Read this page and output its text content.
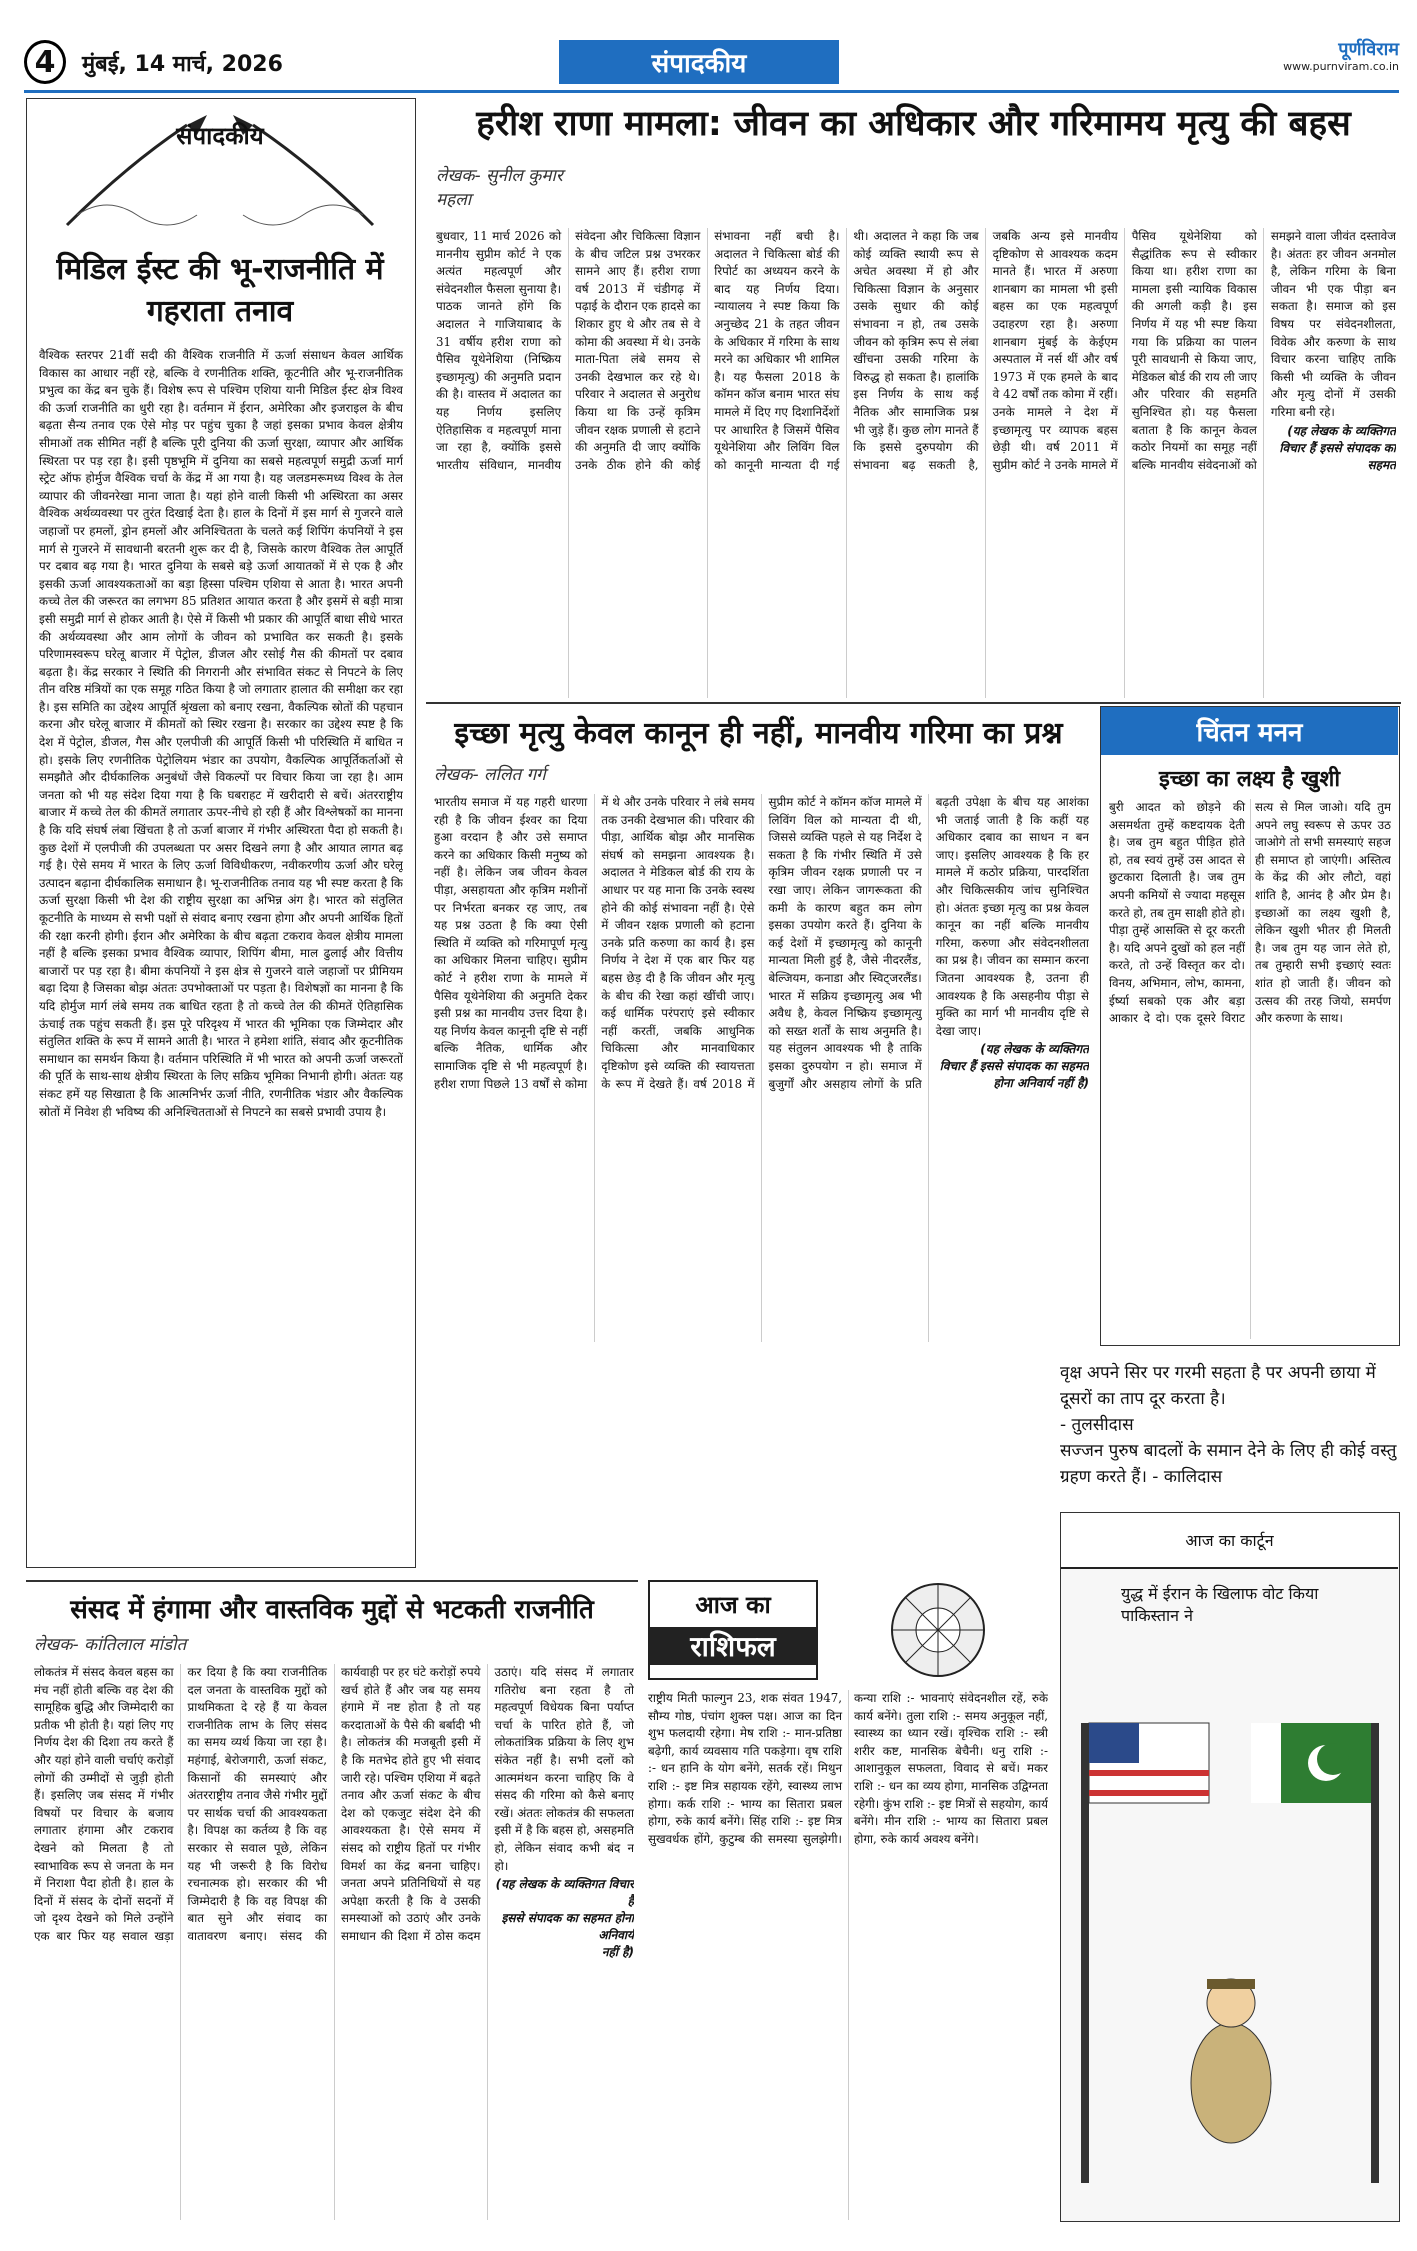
4	मुंबई, 14 मार्च, 2026	संपादकीय	पूर्णविराम
www.purnviram.co.in
संपादकीय
मिडिल ईस्ट की भू-राजनीति में गहराता तनाव
वैश्विक स्तरपर 21वीं सदी की वैश्विक राजनीति में ऊर्जा संसाधन केवल आर्थिक विकास का आधार नहीं रहे, बल्कि वे रणनीतिक शक्ति, कूटनीति और भू-राजनीतिक प्रभुत्व का केंद्र बन चुके हैं। विशेष रूप से पश्चिम एशिया यानी मिडिल ईस्ट क्षेत्र विश्व की ऊर्जा राजनीति का धुरी रहा है। वर्तमान में ईरान, अमेरिका और इजराइल के बीच बढ़ता सैन्य तनाव एक ऐसे मोड़ पर पहुंच चुका है जहां इसका प्रभाव केवल क्षेत्रीय सीमाओं तक सीमित नहीं है बल्कि पूरी दुनिया की ऊर्जा सुरक्षा, व्यापार और आर्थिक स्थिरता पर पड़ रहा है। इसी पृष्ठभूमि में दुनिया का सबसे महत्वपूर्ण समुद्री ऊर्जा मार्ग स्ट्रेट ऑफ होर्मुज वैश्विक चर्चा के केंद्र में आ गया है। यह जलडमरूमध्य विश्व के तेल व्यापार की जीवनरेखा माना जाता है। यहां होने वाली किसी भी अस्थिरता का असर वैश्विक अर्थव्यवस्था पर तुरंत दिखाई देता है। हाल के दिनों में इस मार्ग से गुजरने वाले जहाजों पर हमलों, ड्रोन हमलों और अनिश्चितता के चलते कई शिपिंग कंपनियों ने इस मार्ग से गुजरने में सावधानी बरतनी शुरू कर दी है, जिसके कारण वैश्विक तेल आपूर्ति पर दबाव बढ़ गया है। भारत दुनिया के सबसे बड़े ऊर्जा आयातकों में से एक है और इसकी ऊर्जा आवश्यकताओं का बड़ा हिस्सा पश्चिम एशिया से आता है। भारत अपनी कच्चे तेल की जरूरत का लगभग 85 प्रतिशत आयात करता है और इसमें से बड़ी मात्रा इसी समुद्री मार्ग से होकर आती है। ऐसे में किसी भी प्रकार की आपूर्ति बाधा सीधे भारत की अर्थव्यवस्था और आम लोगों के जीवन को प्रभावित कर सकती है। इसके परिणामस्वरूप घरेलू बाजार में पेट्रोल, डीजल और रसोई गैस की कीमतों पर दबाव बढ़ता है। केंद्र सरकार ने स्थिति की निगरानी और संभावित संकट से निपटने के लिए तीन वरिष्ठ मंत्रियों का एक समूह गठित किया है जो लगातार हालात की समीक्षा कर रहा है। इस समिति का उद्देश्य आपूर्ति श्रृंखला को बनाए रखना, वैकल्पिक स्रोतों की पहचान करना और घरेलू बाजार में कीमतों को स्थिर रखना है। सरकार का उद्देश्य स्पष्ट है कि देश में पेट्रोल, डीजल, गैस और एलपीजी की आपूर्ति किसी भी परिस्थिति में बाधित न हो। इसके लिए रणनीतिक पेट्रोलियम भंडार का उपयोग, वैकल्पिक आपूर्तिकर्ताओं से समझौते और दीर्घकालिक अनुबंधों जैसे विकल्पों पर विचार किया जा रहा है। आम जनता को भी यह संदेश दिया गया है कि घबराहट में खरीदारी से बचें। अंतरराष्ट्रीय बाजार में कच्चे तेल की कीमतें लगातार ऊपर-नीचे हो रही हैं और विश्लेषकों का मानना है कि यदि संघर्ष लंबा खिंचता है तो ऊर्जा बाजार में गंभीर अस्थिरता पैदा हो सकती है। कुछ देशों में एलपीजी की उपलब्धता पर असर दिखने लगा है और आयात लागत बढ़ गई है। ऐसे समय में भारत के लिए ऊर्जा विविधीकरण, नवीकरणीय ऊर्जा और घरेलू उत्पादन बढ़ाना दीर्घकालिक समाधान है। भू-राजनीतिक तनाव यह भी स्पष्ट करता है कि ऊर्जा सुरक्षा किसी भी देश की राष्ट्रीय सुरक्षा का अभिन्न अंग है। भारत को संतुलित कूटनीति के माध्यम से सभी पक्षों से संवाद बनाए रखना होगा और अपनी आर्थिक हितों की रक्षा करनी होगी। ईरान और अमेरिका के बीच बढ़ता टकराव केवल क्षेत्रीय मामला नहीं है बल्कि इसका प्रभाव वैश्विक व्यापार, शिपिंग बीमा, माल ढुलाई और वित्तीय बाजारों पर पड़ रहा है। बीमा कंपनियों ने इस क्षेत्र से गुजरने वाले जहाजों पर प्रीमियम बढ़ा दिया है जिसका बोझ अंततः उपभोक्ताओं पर पड़ता है। विशेषज्ञों का मानना है कि यदि होर्मुज मार्ग लंबे समय तक बाधित रहता है तो कच्चे तेल की कीमतें ऐतिहासिक ऊंचाई तक पहुंच सकती हैं। इस पूरे परिदृश्य में भारत की भूमिका एक जिम्मेदार और संतुलित शक्ति के रूप में सामने आती है। भारत ने हमेशा शांति, संवाद और कूटनीतिक समाधान का समर्थन किया है। वर्तमान परिस्थिति में भी भारत को अपनी ऊर्जा जरूरतों की पूर्ति के साथ-साथ क्षेत्रीय स्थिरता के लिए सक्रिय भूमिका निभानी होगी। अंततः यह संकट हमें यह सिखाता है कि आत्मनिर्भर ऊर्जा नीति, रणनीतिक भंडार और वैकल्पिक स्रोतों में निवेश ही भविष्य की अनिश्चितताओं से निपटने का सबसे प्रभावी उपाय है।
हरीश राणा मामला: जीवन का अधिकार और गरिमामय मृत्यु की बहस
लेखक- सुनील कुमार महला
बुधवार, 11 मार्च 2026 को माननीय सुप्रीम कोर्ट ने एक अत्यंत महत्वपूर्ण और संवेदनशील फैसला सुनाया है। पाठक जानते होंगे कि अदालत ने गाजियाबाद के 31 वर्षीय हरीश राणा को पैसिव यूथेनेशिया (निष्क्रिय इच्छामृत्यु) की अनुमति प्रदान की है। वास्तव में अदालत का यह निर्णय इसलिए ऐतिहासिक व महत्वपूर्ण माना जा रहा है, क्योंकि इससे भारतीय संविधान, मानवीय संवेदना और चिकित्सा विज्ञान के बीच जटिल प्रश्न उभरकर सामने आए हैं। हरीश राणा वर्ष 2013 में चंडीगढ़ में पढ़ाई के दौरान एक हादसे का शिकार हुए थे और तब से वे कोमा की अवस्था में थे। उनके माता-पिता लंबे समय से उनकी देखभाल कर रहे थे। परिवार ने अदालत से अनुरोध किया था कि उन्हें कृत्रिम जीवन रक्षक प्रणाली से हटाने की अनुमति दी जाए क्योंकि उनके ठीक होने की कोई संभावना नहीं बची है। अदालत ने चिकित्सा बोर्ड की रिपोर्ट का अध्ययन करने के बाद यह निर्णय दिया। न्यायालय ने स्पष्ट किया कि अनुच्छेद 21 के तहत जीवन के अधिकार में गरिमा के साथ मरने का अधिकार भी शामिल है। यह फैसला 2018 के कॉमन कॉज बनाम भारत संघ मामले में दिए गए दिशानिर्देशों पर आधारित है जिसमें पैसिव यूथेनेशिया और लिविंग विल को कानूनी मान्यता दी गई थी। अदालत ने कहा कि जब कोई व्यक्ति स्थायी रूप से अचेत अवस्था में हो और चिकित्सा विज्ञान के अनुसार उसके सुधार की कोई संभावना न हो, तब उसके जीवन को कृत्रिम रूप से लंबा खींचना उसकी गरिमा के विरुद्ध हो सकता है। हालांकि इस निर्णय के साथ कई नैतिक और सामाजिक प्रश्न भी जुड़े हैं। कुछ लोग मानते हैं कि इससे दुरुपयोग की संभावना बढ़ सकती है, जबकि अन्य इसे मानवीय दृष्टिकोण से आवश्यक कदम मानते हैं। भारत में अरुणा शानबाग का मामला भी इसी बहस का एक महत्वपूर्ण उदाहरण रहा है। अरुणा शानबाग मुंबई के केईएम अस्पताल में नर्स थीं और वर्ष 1973 में एक हमले के बाद वे 42 वर्षों तक कोमा में रहीं। उनके मामले ने देश में इच्छामृत्यु पर व्यापक बहस छेड़ी थी। वर्ष 2011 में सुप्रीम कोर्ट ने उनके मामले में पैसिव यूथेनेशिया को सैद्धांतिक रूप से स्वीकार किया था। हरीश राणा का मामला इसी न्यायिक विकास की अगली कड़ी है। इस निर्णय में यह भी स्पष्ट किया गया कि प्रक्रिया का पालन पूरी सावधानी से किया जाए, मेडिकल बोर्ड की राय ली जाए और परिवार की सहमति सुनिश्चित हो। यह फैसला बताता है कि कानून केवल कठोर नियमों का समूह नहीं बल्कि मानवीय संवेदनाओं को समझने वाला जीवंत दस्तावेज है। अंततः हर जीवन अनमोल है, लेकिन गरिमा के बिना जीवन भी एक पीड़ा बन सकता है। समाज को इस विषय पर संवेदनशीलता, विवेक और करुणा के साथ विचार करना चाहिए ताकि किसी भी व्यक्ति के जीवन और मृत्यु दोनों में उसकी गरिमा बनी रहे।
(यह लेखक के व्यक्तिगत
विचार हैं इससे संपादक का सहमत
इच्छा मृत्यु केवल कानून ही नहीं, मानवीय गरिमा का प्रश्न
लेखक- ललित गर्ग
भारतीय समाज में यह गहरी धारणा रही है कि जीवन ईश्वर का दिया हुआ वरदान है और उसे समाप्त करने का अधिकार किसी मनुष्य को नहीं है। लेकिन जब जीवन केवल पीड़ा, असहायता और कृत्रिम मशीनों पर निर्भरता बनकर रह जाए, तब यह प्रश्न उठता है कि क्या ऐसी स्थिति में व्यक्ति को गरिमापूर्ण मृत्यु का अधिकार मिलना चाहिए। सुप्रीम कोर्ट ने हरीश राणा के मामले में पैसिव यूथेनेशिया की अनुमति देकर इसी प्रश्न का मानवीय उत्तर दिया है। यह निर्णय केवल कानूनी दृष्टि से नहीं बल्कि नैतिक, धार्मिक और सामाजिक दृष्टि से भी महत्वपूर्ण है। हरीश राणा पिछले 13 वर्षों से कोमा में थे और उनके परिवार ने लंबे समय तक उनकी देखभाल की। परिवार की पीड़ा, आर्थिक बोझ और मानसिक संघर्ष को समझना आवश्यक है। अदालत ने मेडिकल बोर्ड की राय के आधार पर यह माना कि उनके स्वस्थ होने की कोई संभावना नहीं है। ऐसे में जीवन रक्षक प्रणाली को हटाना उनके प्रति करुणा का कार्य है। इस निर्णय ने देश में एक बार फिर यह बहस छेड़ दी है कि जीवन और मृत्यु के बीच की रेखा कहां खींची जाए। कई धार्मिक परंपराएं इसे स्वीकार नहीं करतीं, जबकि आधुनिक चिकित्सा और मानवाधिकार दृष्टिकोण इसे व्यक्ति की स्वायत्तता के रूप में देखते हैं। वर्ष 2018 में सुप्रीम कोर्ट ने कॉमन कॉज मामले में लिविंग विल को मान्यता दी थी, जिससे व्यक्ति पहले से यह निर्देश दे सकता है कि गंभीर स्थिति में उसे कृत्रिम जीवन रक्षक प्रणाली पर न रखा जाए। लेकिन जागरूकता की कमी के कारण बहुत कम लोग इसका उपयोग करते हैं। दुनिया के कई देशों में इच्छामृत्यु को कानूनी मान्यता मिली हुई है, जैसे नीदरलैंड, बेल्जियम, कनाडा और स्विट्जरलैंड। भारत में सक्रिय इच्छामृत्यु अब भी अवैध है, केवल निष्क्रिय इच्छामृत्यु को सख्त शर्तों के साथ अनुमति है। यह संतुलन आवश्यक भी है ताकि इसका दुरुपयोग न हो। समाज में बुजुर्गों और असहाय लोगों के प्रति बढ़ती उपेक्षा के बीच यह आशंका भी जताई जाती है कि कहीं यह अधिकार दबाव का साधन न बन जाए। इसलिए आवश्यक है कि हर मामले में कठोर प्रक्रिया, पारदर्शिता और चिकित्सकीय जांच सुनिश्चित हो। अंततः इच्छा मृत्यु का प्रश्न केवल कानून का नहीं बल्कि मानवीय गरिमा, करुणा और संवेदनशीलता का प्रश्न है। जीवन का सम्मान करना जितना आवश्यक है, उतना ही आवश्यक है कि असहनीय पीड़ा से मुक्ति का मार्ग भी मानवीय दृष्टि से देखा जाए।
(यह लेखक के व्यक्तिगत
विचार हैं इससे संपादक का सहमत
होना अनिवार्य नहीं है)
चिंतन मनन
इच्छा का लक्ष्य है खुशी
बुरी आदत को छोड़ने की असमर्थता तुम्हें कष्टदायक देती है। जब तुम बहुत पीड़ित होते हो, तब स्वयं तुम्हें उस आदत से छुटकारा दिलाती है। जब तुम अपनी कमियों से ज्यादा महसूस करते हो, तब तुम साक्षी होते हो। पीड़ा तुम्हें आसक्ति से दूर करती है। यदि अपने दुखों को हल नहीं करते, तो उन्हें विस्तृत कर दो। विनय, अभिमान, लोभ, कामना, ईर्ष्या सबको एक और बड़ा आकार दे दो। एक दूसरे विराट सत्य से मिल जाओ। यदि तुम अपने लघु स्वरूप से ऊपर उठ जाओगे तो सभी समस्याएं सहज ही समाप्त हो जाएंगी। अस्तित्व के केंद्र की ओर लौटो, वहां शांति है, आनंद है और प्रेम है। इच्छाओं का लक्ष्य खुशी है, लेकिन खुशी भीतर ही मिलती है। जब तुम यह जान लेते हो, तब तुम्हारी सभी इच्छाएं स्वतः शांत हो जाती हैं। जीवन को उत्सव की तरह जियो, समर्पण और करुणा के साथ।
वृक्ष अपने सिर पर गरमी सहता है पर अपनी छाया में दूसरों का ताप दूर करता है।
- तुलसीदास
सज्जन पुरुष बादलों के समान देने के लिए ही कोई वस्तु ग्रहण करते हैं। - कालिदास
संसद में हंगामा और वास्तविक मुद्दों से भटकती राजनीति
लेखक- कांतिलाल मांडोत
लोकतंत्र में संसद केवल बहस का मंच नहीं होती बल्कि वह देश की सामूहिक बुद्धि और जिम्मेदारी का प्रतीक भी होती है। यहां लिए गए निर्णय देश की दिशा तय करते हैं और यहां होने वाली चर्चाएं करोड़ों लोगों की उम्मीदों से जुड़ी होती हैं। इसलिए जब संसद में गंभीर विषयों पर विचार के बजाय लगातार हंगामा और टकराव देखने को मिलता है तो स्वाभाविक रूप से जनता के मन में निराशा पैदा होती है। हाल के दिनों में संसद के दोनों सदनों में जो दृश्य देखने को मिले उन्होंने एक बार फिर यह सवाल खड़ा कर दिया है कि क्या राजनीतिक दल जनता के वास्तविक मुद्दों को प्राथमिकता दे रहे हैं या केवल राजनीतिक लाभ के लिए संसद का समय व्यर्थ किया जा रहा है। महंगाई, बेरोजगारी, ऊर्जा संकट, किसानों की समस्याएं और अंतरराष्ट्रीय तनाव जैसे गंभीर मुद्दों पर सार्थक चर्चा की आवश्यकता है। विपक्ष का कर्तव्य है कि वह सरकार से सवाल पूछे, लेकिन यह भी जरूरी है कि विरोध रचनात्मक हो। सरकार की भी जिम्मेदारी है कि वह विपक्ष की बात सुने और संवाद का वातावरण बनाए। संसद की कार्यवाही पर हर घंटे करोड़ों रुपये खर्च होते हैं और जब यह समय हंगामे में नष्ट होता है तो यह करदाताओं के पैसे की बर्बादी भी है। लोकतंत्र की मजबूती इसी में है कि मतभेद होते हुए भी संवाद जारी रहे। पश्चिम एशिया में बढ़ते तनाव और ऊर्जा संकट के बीच देश को एकजुट संदेश देने की आवश्यकता है। ऐसे समय में संसद को राष्ट्रीय हितों पर गंभीर विमर्श का केंद्र बनना चाहिए। जनता अपने प्रतिनिधियों से यह अपेक्षा करती है कि वे उसकी समस्याओं को उठाएं और उनके समाधान की दिशा में ठोस कदम उठाएं। यदि संसद में लगातार गतिरोध बना रहता है तो महत्वपूर्ण विधेयक बिना पर्याप्त चर्चा के पारित होते हैं, जो लोकतांत्रिक प्रक्रिया के लिए शुभ संकेत नहीं है। सभी दलों को आत्ममंथन करना चाहिए कि वे संसद की गरिमा को कैसे बनाए रखें। अंततः लोकतंत्र की सफलता इसी में है कि बहस हो, असहमति हो, लेकिन संवाद कभी बंद न हो।
(यह लेखक के व्यक्तिगत विचार हैं
इससे संपादक का सहमत होना अनिवार्य
नहीं है)
आज का
राशिफल
राष्ट्रीय मिती फाल्गुन 23, शक संवत 1947, सौम्य गोष्ठ, पंचांग शुक्ल पक्ष। आज का दिन शुभ फलदायी रहेगा। मेष राशि :- मान-प्रतिष्ठा बढ़ेगी, कार्य व्यवसाय गति पकड़ेगा। वृष राशि :- धन हानि के योग बनेंगे, सतर्क रहें। मिथुन राशि :- इष्ट मित्र सहायक रहेंगे, स्वास्थ्य लाभ होगा। कर्क राशि :- भाग्य का सितारा प्रबल होगा, रुके कार्य बनेंगे। सिंह राशि :- इष्ट मित्र सुखवर्धक होंगे, कुटुम्ब की समस्या सुलझेगी। कन्या राशि :- भावनाएं संवेदनशील रहें, रुके कार्य बनेंगे। तुला राशि :- समय अनुकूल नहीं, स्वास्थ्य का ध्यान रखें। वृश्चिक राशि :- स्त्री शरीर कष्ट, मानसिक बेचैनी। धनु राशि :- आशानुकूल सफलता, विवाद से बचें। मकर राशि :- धन का व्यय होगा, मानसिक उद्विग्नता रहेगी। कुंभ राशि :- इष्ट मित्रों से सहयोग, कार्य बनेंगे। मीन राशि :- भाग्य का सितारा प्रबल होगा, रुके कार्य अवश्य बनेंगे।
आज का कार्टून
युद्ध में ईरान के खिलाफ वोट किया पाकिस्तान ने
